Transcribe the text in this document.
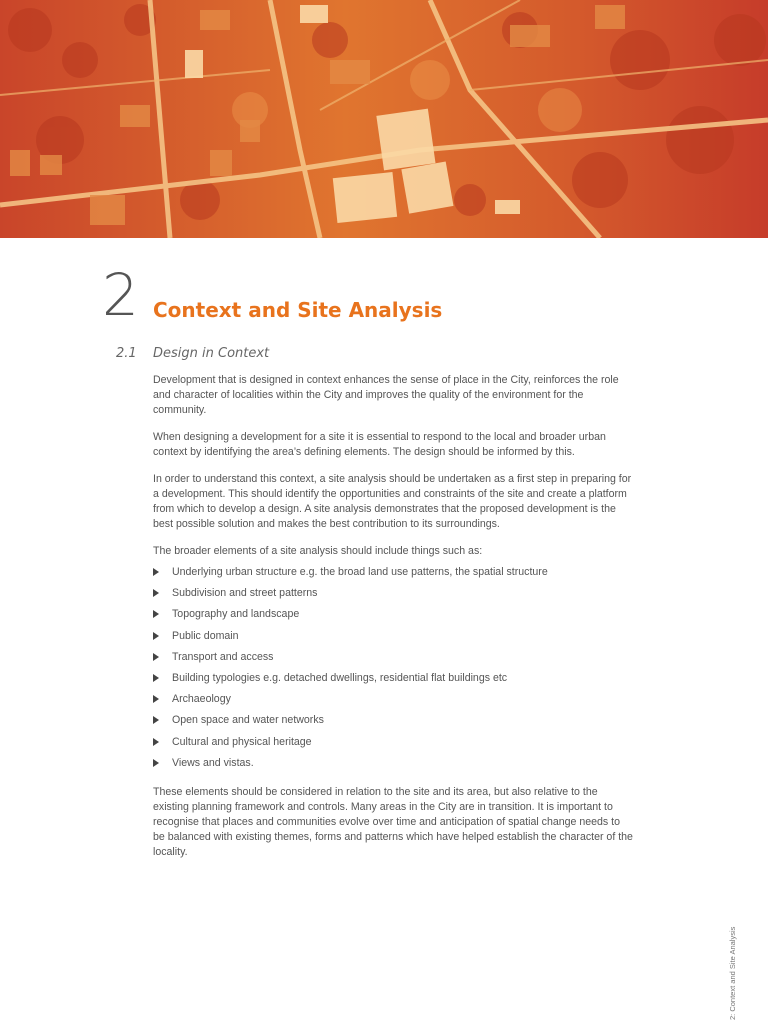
2 Context and Site Analysis
2.1 Design in Context

Development that is designed in context enhances the sense of place in the City, reinforces the role and character of localities within the City and improves the quality of the environment for the community.

When designing a development for a site it is essential to respond to the local and broader urban context by identifying the area’s defining elements. The design should be informed by this.

In order to understand this context, a site analysis should be undertaken as a first step in preparing for a development. This should identify the opportunities and constraints of the site and create a platform from which to develop a design. A site analysis demonstrates that the proposed development is the best possible solution and makes the best contribution to its surroundings.

The broader elements of a site analysis should include things such as:

Underlying urban structure e.g. the broad land use patterns, the spatial structure
Subdivision and street patterns
Topography and landscape
Public domain
Transport and access
Building typologies e.g. detached dwellings, residential flat buildings etc
Archaeology
Open space and water networks
Cultural and physical heritage
Views and vistas.

These elements should be considered in relation to the site and its area, but also relative to the existing planning framework and controls. Many areas in the City are in transition. It is important to recognise that places and communities evolve over time and anticipation of spatial change needs to be balanced with existing themes, forms and patterns which have helped establish the character of the locality.

2: Context and Site Analysis
